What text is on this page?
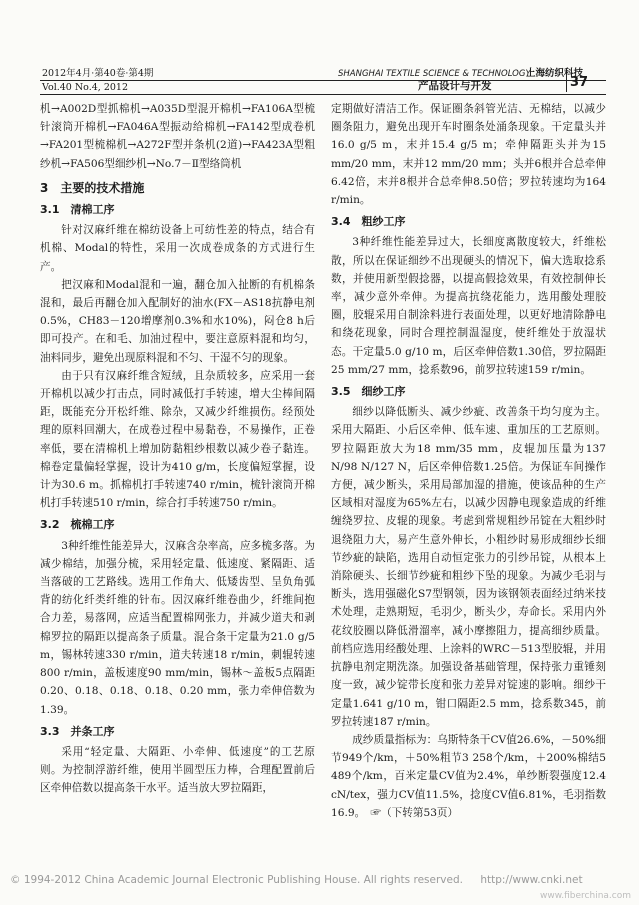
2012年4月·第40卷·第4期
Vol.40 No.4, 2012
SHANGHAI TEXTILE SCIENCE & TECHNOLOGY
上海纺织科技
产品设计与开发	37

机→A002D型抓棉机→A035D型混开棉机→FA106A型梳针滚筒开棉机→FA046A型振动给棉机→FA142型成卷机→FA201型梳棉机→A272F型并条机(2道)→FA423A型粗纱机→FA506型细纱机→No.7－Ⅱ型络筒机

3　主要的技术措施

3.1　清棉工序

针对汉麻纤维在棉纺设备上可纺性差的特点，结合有机棉、Modal的特性，采用一次成卷成条的方式进行生产。

把汉麻和Modal混和一遍，翻仓加入扯断的有机棉条混和，最后再翻仓加入配制好的油水(FX－AS18抗静电剂0.5%，CH83－120增摩剂0.3%和水10%)，闷仓8 h后即可投产。在和毛、加油过程中，要注意原料混和均匀，油料同步，避免出现原料混和不匀、干湿不匀的现象。

由于只有汉麻纤维含短绒，且杂质较多，应采用一套开棉机以减少打击点，同时减低打手转速，增大尘棒间隔距，既能充分开松纤维、除杂，又减少纤维损伤。经预处理的原料回潮大，在成卷过程中易黏卷，不易操作，正卷率低，要在清棉机上增加防黏粗纱根数以减少卷子黏连。棉卷定量偏轻掌握，设计为410 g/m，长度偏短掌握，设计为30.6 m。抓棉机打手转速740 r/min，梳针滚筒开棉机打手转速510 r/min，综合打手转速750 r/min。

3.2　梳棉工序

3种纤维性能差异大，汉麻含杂率高，应多梳多落。为减少棉结，加强分梳，采用轻定量、低速度、紧隔距、适当落破的工艺路线。选用工作角大、低矮齿型、呈负角弧背的纺化纤类纤维的针布。因汉麻纤维卷曲少，纤维间抱合力差，易落网，应适当配置棉网张力，并减少道夫和剥棉罗拉的隔距以提高条子质量。混合条干定量为21.0 g/5 m，锡林转速330 r/min，道夫转速18 r/min，刺辊转速800 r/min，盖板速度90 mm/min，锡林～盖板5点隔距0.20、0.18、0.18、0.18、0.20 mm，张力牵伸倍数为1.39。

3.3　并条工序

采用“轻定量、大隔距、小牵伸、低速度”的工艺原则。为控制浮游纤维，使用半圆型压力棒，合理配置前后区牵伸倍数以提高条干水平。适当放大罗拉隔距，

定期做好清洁工作。保证圈条斜管光洁、无棉结，以减少圈条阻力，避免出现开车时圈条处涌条现象。干定量头并16.0 g/5 m，末并15.4 g/5 m；牵伸隔距头并为15 mm/20 mm，末并12 mm/20 mm；头并6根并合总牵伸6.42倍，末并8根并合总牵伸8.50倍；罗拉转速均为164 r/min。

3.4　粗纱工序

3种纤维性能差异过大，长细度离散度较大，纤维松散，所以在保证细纱不出现硬头的情况下，偏大选取捻系数，并使用新型假捻器，以提高假捻效果，有效控制伸长率，减少意外牵伸。为提高抗绕花能力，选用酸处理胶圈，胶辊采用自制涂料进行表面处理，以更好地清除静电和绕花现象，同时合理控制温湿度，使纤维处于放湿状态。干定量5.0 g/10 m，后区牵伸倍数1.30倍，罗拉隔距25 mm/27 mm，捻系数96，前罗拉转速159 r/min。

3.5　细纱工序

细纱以降低断头、减少纱疵、改善条干均匀度为主。采用大隔距、小后区牵伸、低车速、重加压的工艺原则。罗拉隔距放大为18 mm/35 mm，皮辊加压量为137 N/98 N/127 N，后区牵伸倍数1.25倍。为保证车间操作方便，减少断头，采用局部加湿的措施，使该品种的生产区域相对湿度为65%左右，以减少因静电现象造成的纤维缠绕罗拉、皮辊的现象。考虑到常规粗纱吊锭在大粗纱时退绕阻力大，易产生意外伸长，小粗纱时易形成细纱长细节纱疵的缺陷，选用自动恒定张力的引纱吊锭，从根本上消除硬头、长细节纱疵和粗纱下坠的现象。为减少毛羽与断头，选用强磁化S7型钢领，因为该钢领表面经过纳米技术处理，走熟期短，毛羽少，断头少，寿命长。采用内外花纹胶圈以降低滑溜率，减小摩擦阻力，提高细纱质量。前档应选用经酸处理、上涂料的WRC－513型胶辊，并用抗静电剂定期洗涤。加强设备基础管理，保持张力重锤刻度一致，减少锭带长度和张力差异对锭速的影响。细纱干定量1.641 g/10 m，钳口隔距2.5 mm，捻系数345，前罗拉转速187 r/min。

成纱质量指标为：乌斯特条干CV值26.6%，－50%细节949个/km，＋50%粗节3 258个/km，＋200%棉结5 489个/km，百米定量CV值为2.4%，单纱断裂强度12.4 cN/tex，强力CV值11.5%，捻度CV值6.81%，毛羽指数16.9。　 ☞（下转第53页）

© 1994-2012 China Academic Journal Electronic Publishing House. All rights reserved. http://www.cnki.net
www.fiberchina.com
